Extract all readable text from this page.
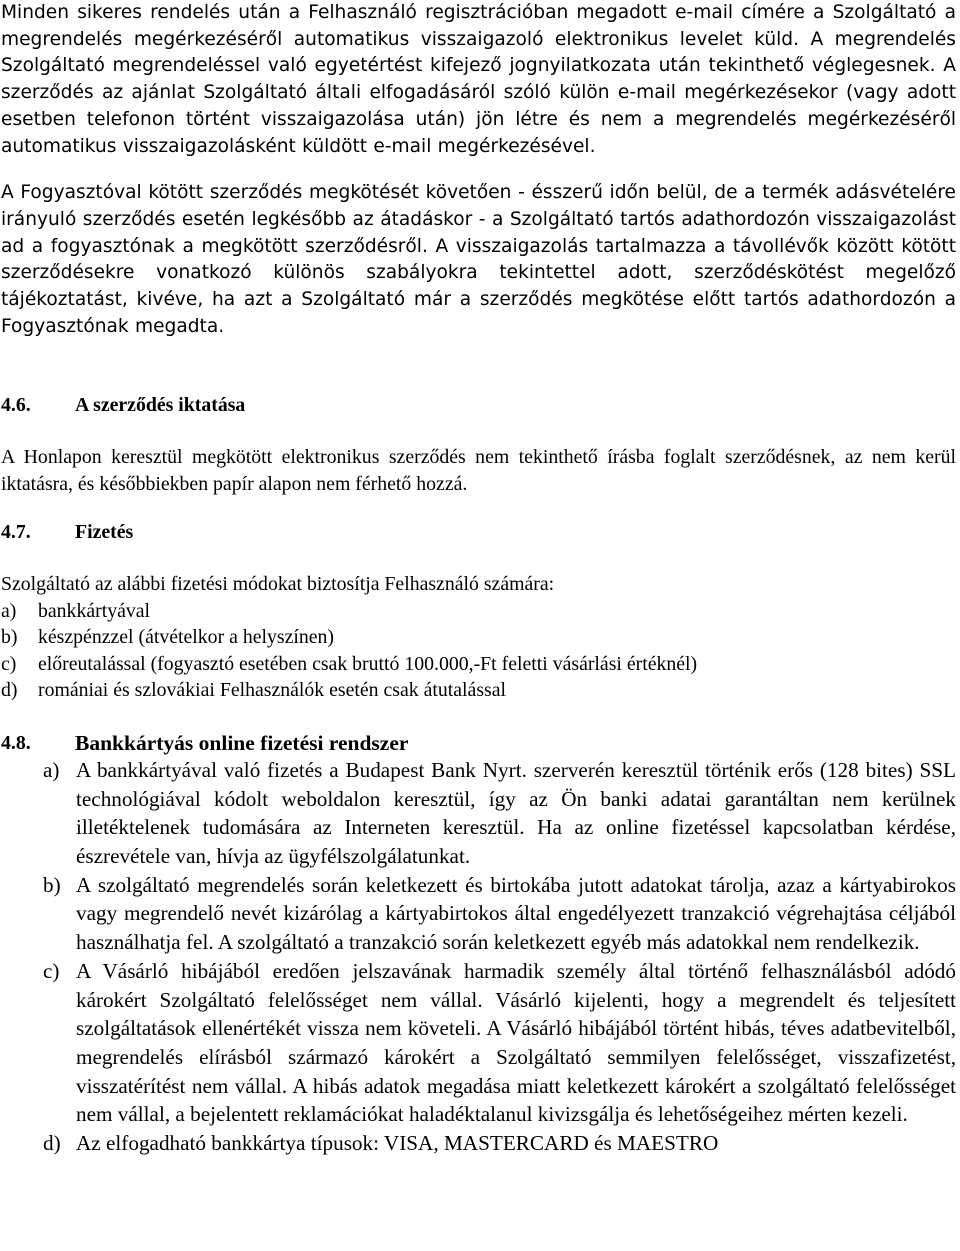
Minden sikeres rendelés után a Felhasználó regisztrációban megadott e-mail címére a Szolgáltató a megrendelés megérkezéséről automatikus visszaigazoló elektronikus levelet küld. A megrendelés Szolgáltató megrendeléssel való egyetértést kifejező jognyilatkozata után tekinthető véglegesnek. A szerződés az ajánlat Szolgáltató általi elfogadásáról szóló külön e-mail megérkezésekor (vagy adott esetben telefonon történt visszaigazolása után) jön létre és nem a megrendelés megérkezéséről automatikus visszaigazolásként küldött e-mail megérkezésével.

A Fogyasztóval kötött szerződés megkötését követően - ésszerű időn belül, de a termék adásvételére irányuló szerződés esetén legkésőbb az átadáskor - a Szolgáltató tartós adathordozón visszaigazolást ad a fogyasztónak a megkötött szerződésről. A visszaigazolás tartalmazza a távollévők között kötött szerződésekre vonatkozó különös szabályokra tekintettel adott, szerződéskötést megelőző tájékoztatást, kivéve, ha azt a Szolgáltató már a szerződés megkötése előtt tartós adathordozón a Fogyasztónak megadta.

4.6.	A szerződés iktatása

A Honlapon keresztül megkötött elektronikus szerződés nem tekinthető írásba foglalt szerződésnek, az nem kerül iktatásra, és későbbiekben papír alapon nem férhető hozzá.

4.7.	Fizetés

Szolgáltató az alábbi fizetési módokat biztosítja Felhasználó számára:

a)	bankkártyával
b)	készpénzzel (átvételkor a helyszínen)
c)	előreutalással (fogyasztó esetében csak bruttó 100.000,-Ft feletti vásárlási értéknél)
d)	romániai és szlovákiai Felhasználók esetén csak átutalással
4.8.	Bankkártyás online fizetési rendszer
a) A bankkártyával való fizetés a Budapest Bank Nyrt. szerverén keresztül történik erős (128 bites) SSL technológiával kódolt weboldalon keresztül, így az Ön banki adatai garantáltan nem kerülnek illetéktelenek tudomására az Interneten keresztül. Ha az online fizetéssel kapcsolatban kérdése, észrevétele van, hívja az ügyfélszolgálatunkat.
b) A szolgáltató megrendelés során keletkezett és birtokába jutott adatokat tárolja, azaz a kártyabirokos vagy megrendelő nevét kizárólag a kártyabirtokos által engedélyezett tranzakció végrehajtása céljából használhatja fel. A szolgáltató a tranzakció során keletkezett egyéb más adatokkal nem rendelkezik.
c) A Vásárló hibájából eredően jelszavának harmadik személy által történő felhasználásból adódó károkért Szolgáltató felelősséget nem vállal. Vásárló kijelenti, hogy a megrendelt és teljesített szolgáltatások ellenértékét vissza nem követeli. A Vásárló hibájából történt hibás, téves adatbevitelből, megrendelés elírásból származó károkért a Szolgáltató semmilyen felelősséget, visszafizetést, visszatérítést nem vállal. A hibás adatok megadása miatt keletkezett károkért a szolgáltató felelősséget nem vállal, a bejelentett reklamációkat haladéktalanul kivizsgálja és lehetőségeihez mérten kezeli.
d) Az elfogadható bankkártya típusok: VISA, MASTERCARD és MAESTRO
